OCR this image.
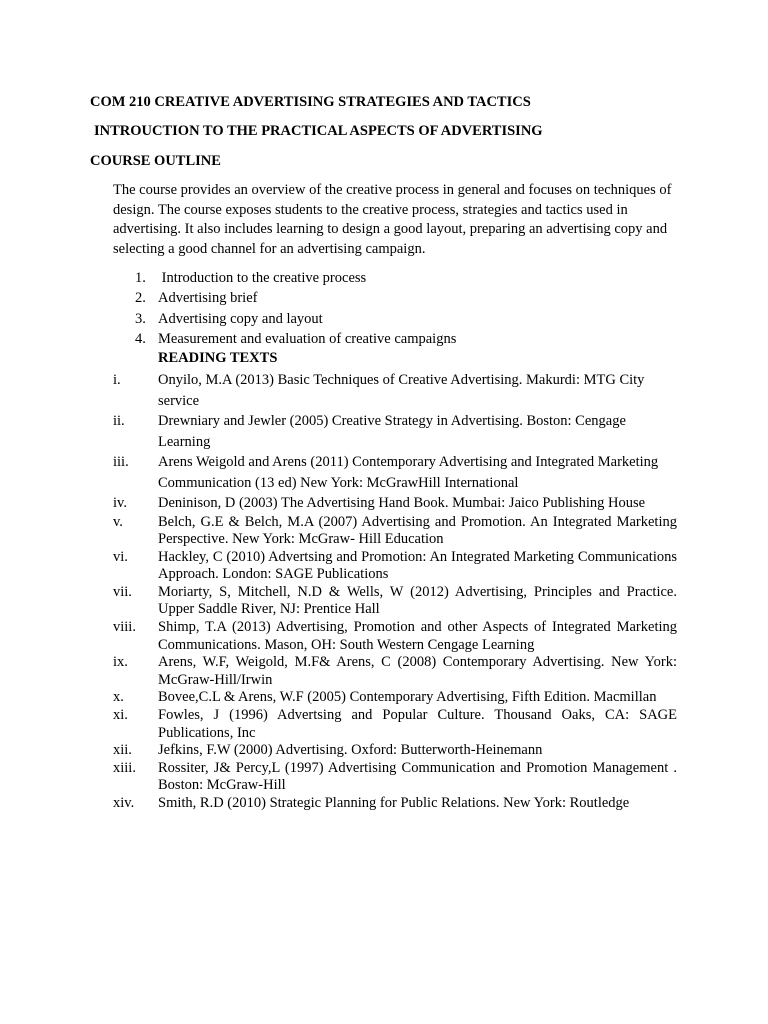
COM 210 CREATIVE ADVERTISING STRATEGIES AND TACTICS
INTROUCTION TO THE PRACTICAL ASPECTS OF ADVERTISING
COURSE OUTLINE

The course provides an overview of the creative process in general and focuses on techniques of design. The course exposes students to the creative process, strategies and tactics used in advertising. It also includes learning to design a good layout, preparing an advertising copy and selecting a good channel for an advertising campaign.

1. Introduction to the creative process
2. Advertising brief
3. Advertising copy and layout
4. Measurement and evaluation of creative campaigns
READING TEXTS
i.	Onyilo, M.A (2013) Basic Techniques of Creative Advertising. Makurdi: MTG City service
ii.	Drewniary and Jewler (2005) Creative Strategy in Advertising. Boston: Cengage Learning
iii.	Arens Weigold and Arens (2011) Contemporary Advertising and Integrated Marketing Communication (13 ed) New York: McGrawHill International
iv.	Deninison, D (2003) The Advertising Hand Book. Mumbai: Jaico Publishing House
v.	Belch, G.E & Belch, M.A (2007) Advertising and Promotion. An Integrated Marketing Perspective. New York: McGraw- Hill Education
vi.	Hackley, C (2010) Advertsing and Promotion: An Integrated Marketing Communications Approach. London: SAGE Publications
vii.	Moriarty, S, Mitchell, N.D & Wells, W (2012) Advertising, Principles and Practice. Upper Saddle River, NJ: Prentice Hall
viii.	Shimp, T.A (2013) Advertising, Promotion and other Aspects of Integrated Marketing Communications. Mason, OH: South Western Cengage Learning
ix.	Arens, W.F, Weigold, M.F& Arens, C (2008) Contemporary Advertising. New York: McGraw-Hill/Irwin
x.	Bovee,C.L & Arens, W.F (2005) Contemporary Advertising, Fifth Edition. Macmillan
xi.	Fowles, J (1996) Advertsing and Popular Culture. Thousand Oaks, CA: SAGE Publications, Inc
xii.	Jefkins, F.W (2000) Advertising. Oxford: Butterworth-Heinemann
xiii.	Rossiter, J& Percy,L (1997) Advertising Communication and Promotion Management . Boston: McGraw-Hill
xiv.	Smith, R.D (2010) Strategic Planning for Public Relations. New York: Routledge
